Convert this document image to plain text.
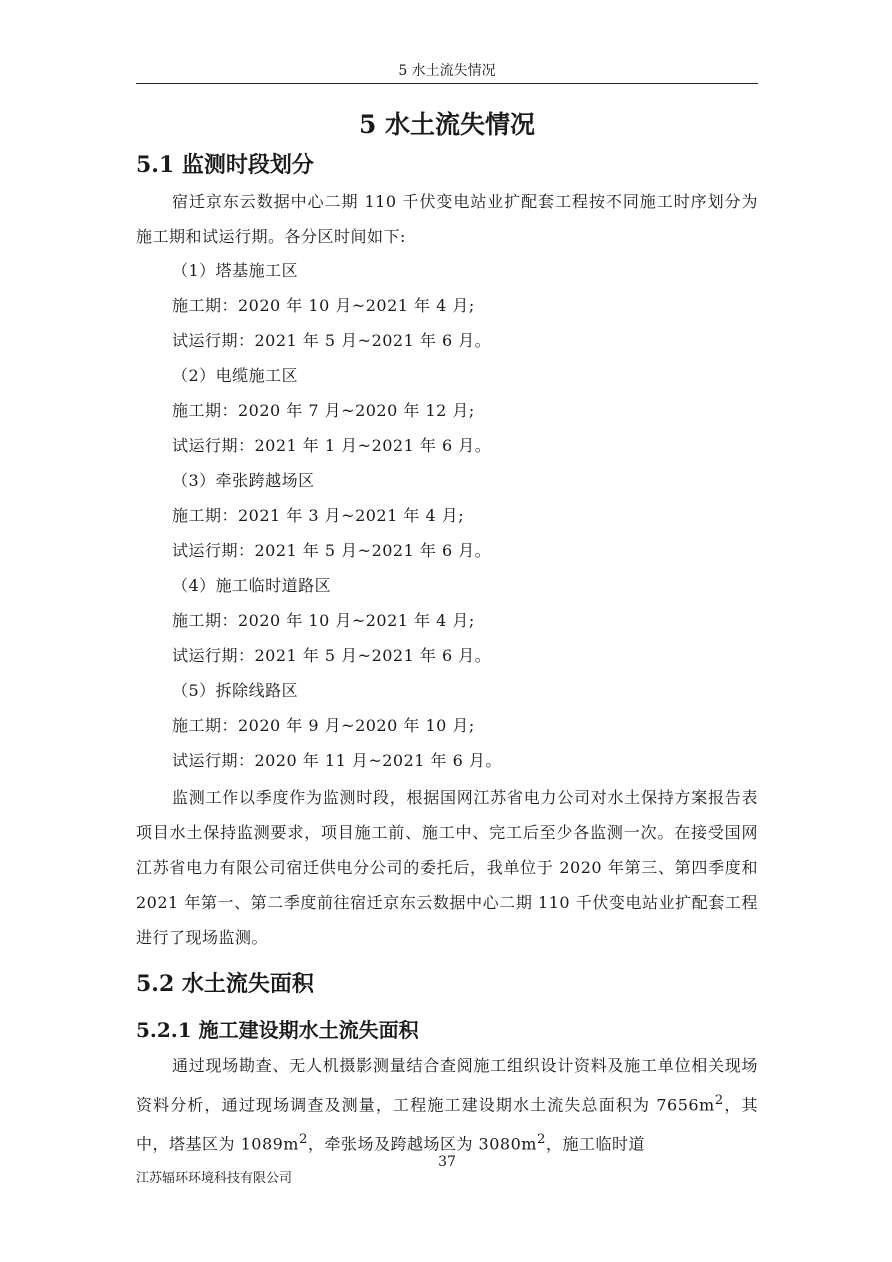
5 水土流失情况
5 水土流失情况
5.1 监测时段划分
宿迁京东云数据中心二期 110 千伏变电站业扩配套工程按不同施工时序划分为施工期和试运行期。各分区时间如下:
（1）塔基施工区
施工期：2020 年 10 月~2021 年 4 月;
试运行期：2021 年 5 月~2021 年 6 月。
（2）电缆施工区
施工期：2020 年 7 月~2020 年 12 月;
试运行期：2021 年 1 月~2021 年 6 月。
（3）牵张跨越场区
施工期：2021 年 3 月~2021 年 4 月;
试运行期：2021 年 5 月~2021 年 6 月。
（4）施工临时道路区
施工期：2020 年 10 月~2021 年 4 月;
试运行期：2021 年 5 月~2021 年 6 月。
（5）拆除线路区
施工期：2020 年 9 月~2020 年 10 月;
试运行期：2020 年 11 月~2021 年 6 月。
监测工作以季度作为监测时段，根据国网江苏省电力公司对水土保持方案报告表项目水土保持监测要求，项目施工前、施工中、完工后至少各监测一次。在接受国网江苏省电力有限公司宿迁供电分公司的委托后，我单位于 2020 年第三、第四季度和 2021 年第一、第二季度前往宿迁京东云数据中心二期 110 千伏变电站业扩配套工程进行了现场监测。
5.2 水土流失面积
5.2.1 施工建设期水土流失面积
通过现场勘查、无人机摄影测量结合查阅施工组织设计资料及施工单位相关现场资料分析，通过现场调查及测量，工程施工建设期水土流失总面积为 $7656m^2$，其中，塔基区为 $1089m^2$，牵张场及跨越场区为 $3080m^2$，施工临时道
37
江苏辐环环境科技有限公司
